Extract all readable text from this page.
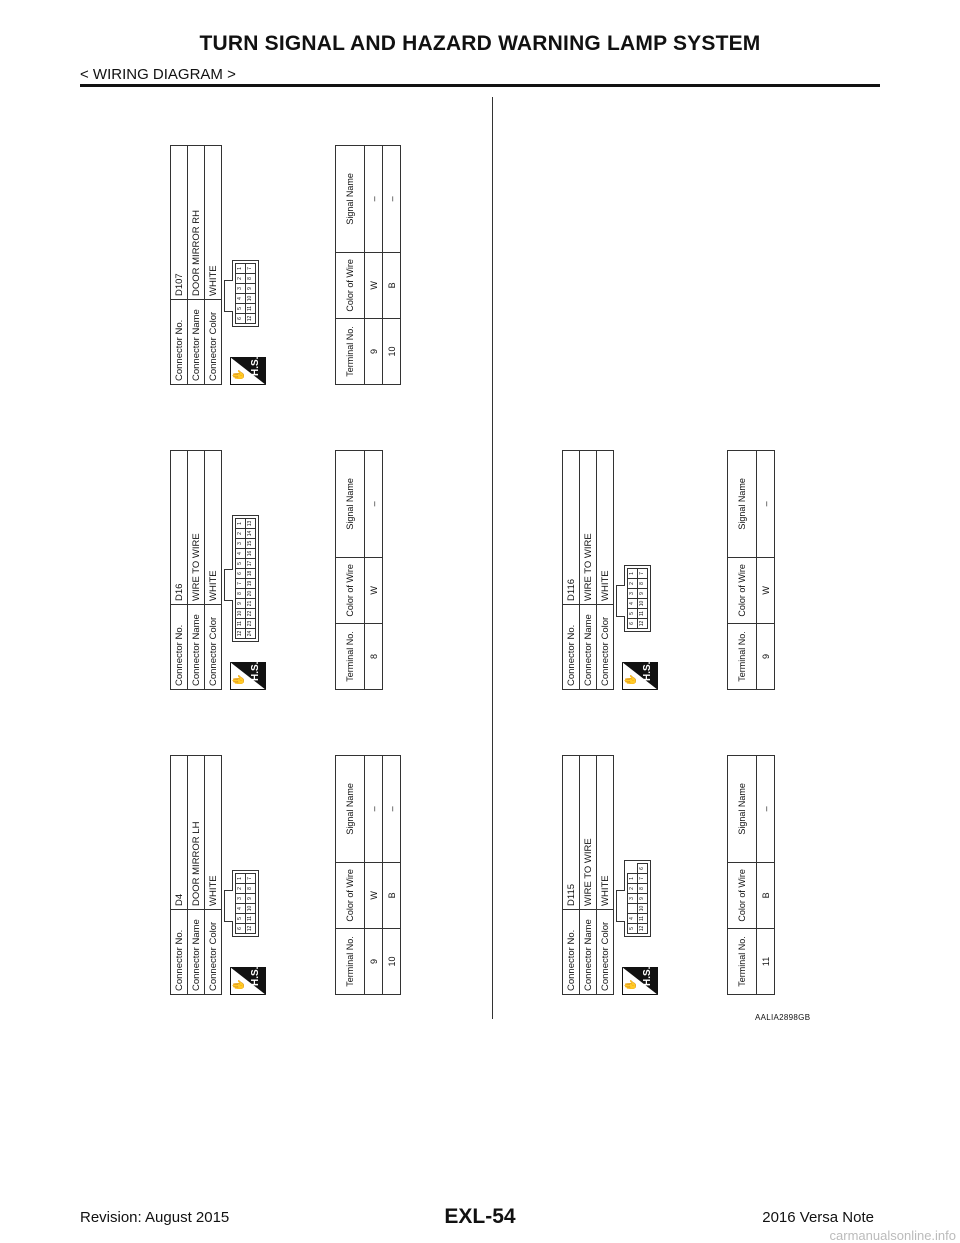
TURN SIGNAL AND HAZARD WARNING LAMP SYSTEM
< WIRING DIAGRAM >
Connector No.	D4
Connector Name	DOOR MIRROR LH
Connector Color	WHITE
✋ H.S.
6	5	4	3	2	1
12	11	10	9	8	7
Terminal No.	Color of Wire	Signal Name
9	W	–
10	B	–
Connector No.	D16
Connector Name	WIRE TO WIRE
Connector Color	WHITE
✋ H.S.
12	11	10	9	8	7	6	5	4	3	2	1
24	23	22	21	20	19	18	17	16	15	14	13
Terminal No.	Color of Wire	Signal Name
8	W	–
Connector No.	D107
Connector Name	DOOR MIRROR RH
Connector Color	WHITE
✋ H.S.
6	5	4	3	2	1
12	11	10	9	8	7
Terminal No.	Color of Wire	Signal Name
9	W	–
10	B	–
Connector No.	D115
Connector Name	WIRE TO WIRE
Connector Color	WHITE
✋ H.S.
5	4		3	2	1	
12	11	10	9	8	7	6
Terminal No.	Color of Wire	Signal Name
11	B	–
Connector No.	D116
Connector Name	WIRE TO WIRE
Connector Color	WHITE
✋ H.S.
6	5	4	3	2	1
12	11	10	9	8	7
Terminal No.	Color of Wire	Signal Name
9	W	–
AALIA2898GB
Revision: August 2015	EXL-54	2016 Versa Note
carmanualsonline.info
